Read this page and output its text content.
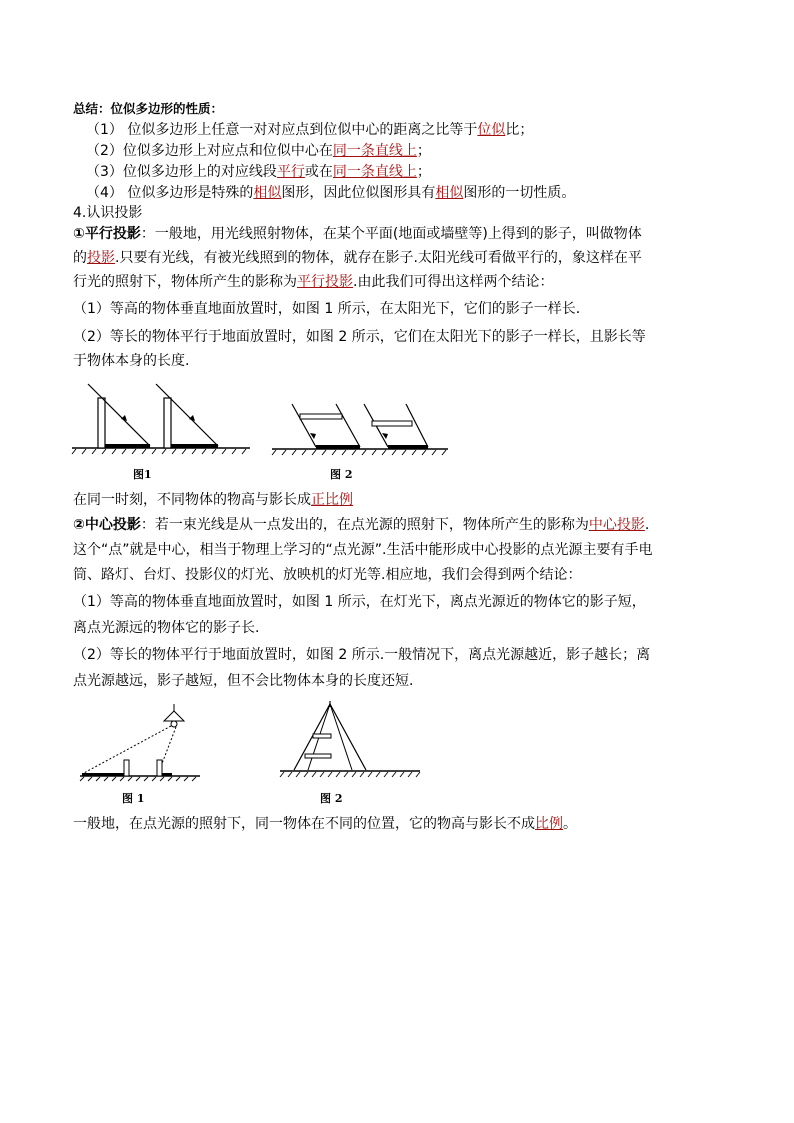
总结：位似多边形的性质：
（1） 位似多边形上任意一对对应点到位似中心的距离之比等于位似比；
（2）位似多边形上对应点和位似中心在同一条直线上；
（3）位似多边形上的对应线段平行或在同一条直线上；
（4） 位似多边形是特殊的相似图形，因此位似图形具有相似图形的一切性质。
4.认识投影
①平行投影：一般地，用光线照射物体，在某个平面(地面或墙壁等)上得到的影子，叫做物体
的投影.只要有光线，有被光线照到的物体，就存在影子.太阳光线可看做平行的，象这样在平
行光的照射下，物体所产生的影称为平行投影.由此我们可得出这样两个结论：
（1）等高的物体垂直地面放置时，如图 1 所示，在太阳光下，它们的影子一样长.
（2）等长的物体平行于地面放置时，如图 2 所示，它们在太阳光下的影子一样长，且影长等
于物体本身的长度.
图1	图 2
在同一时刻，不同物体的物高与影长成正比例
②中心投影：若一束光线是从一点发出的，在点光源的照射下，物体所产生的影称为中心投影.
这个“点”就是中心，相当于物理上学习的“点光源”.生活中能形成中心投影的点光源主要有手电
筒、路灯、台灯、投影仪的灯光、放映机的灯光等.相应地，我们会得到两个结论：
（1）等高的物体垂直地面放置时，如图 1 所示，在灯光下，离点光源近的物体它的影子短，
离点光源远的物体它的影子长.
（2）等长的物体平行于地面放置时，如图 2 所示.一般情况下，离点光源越近，影子越长；离
点光源越远，影子越短，但不会比物体本身的长度还短.
图 1	图 2
一般地，在点光源的照射下，同一物体在不同的位置，它的物高与影长不成比例。
